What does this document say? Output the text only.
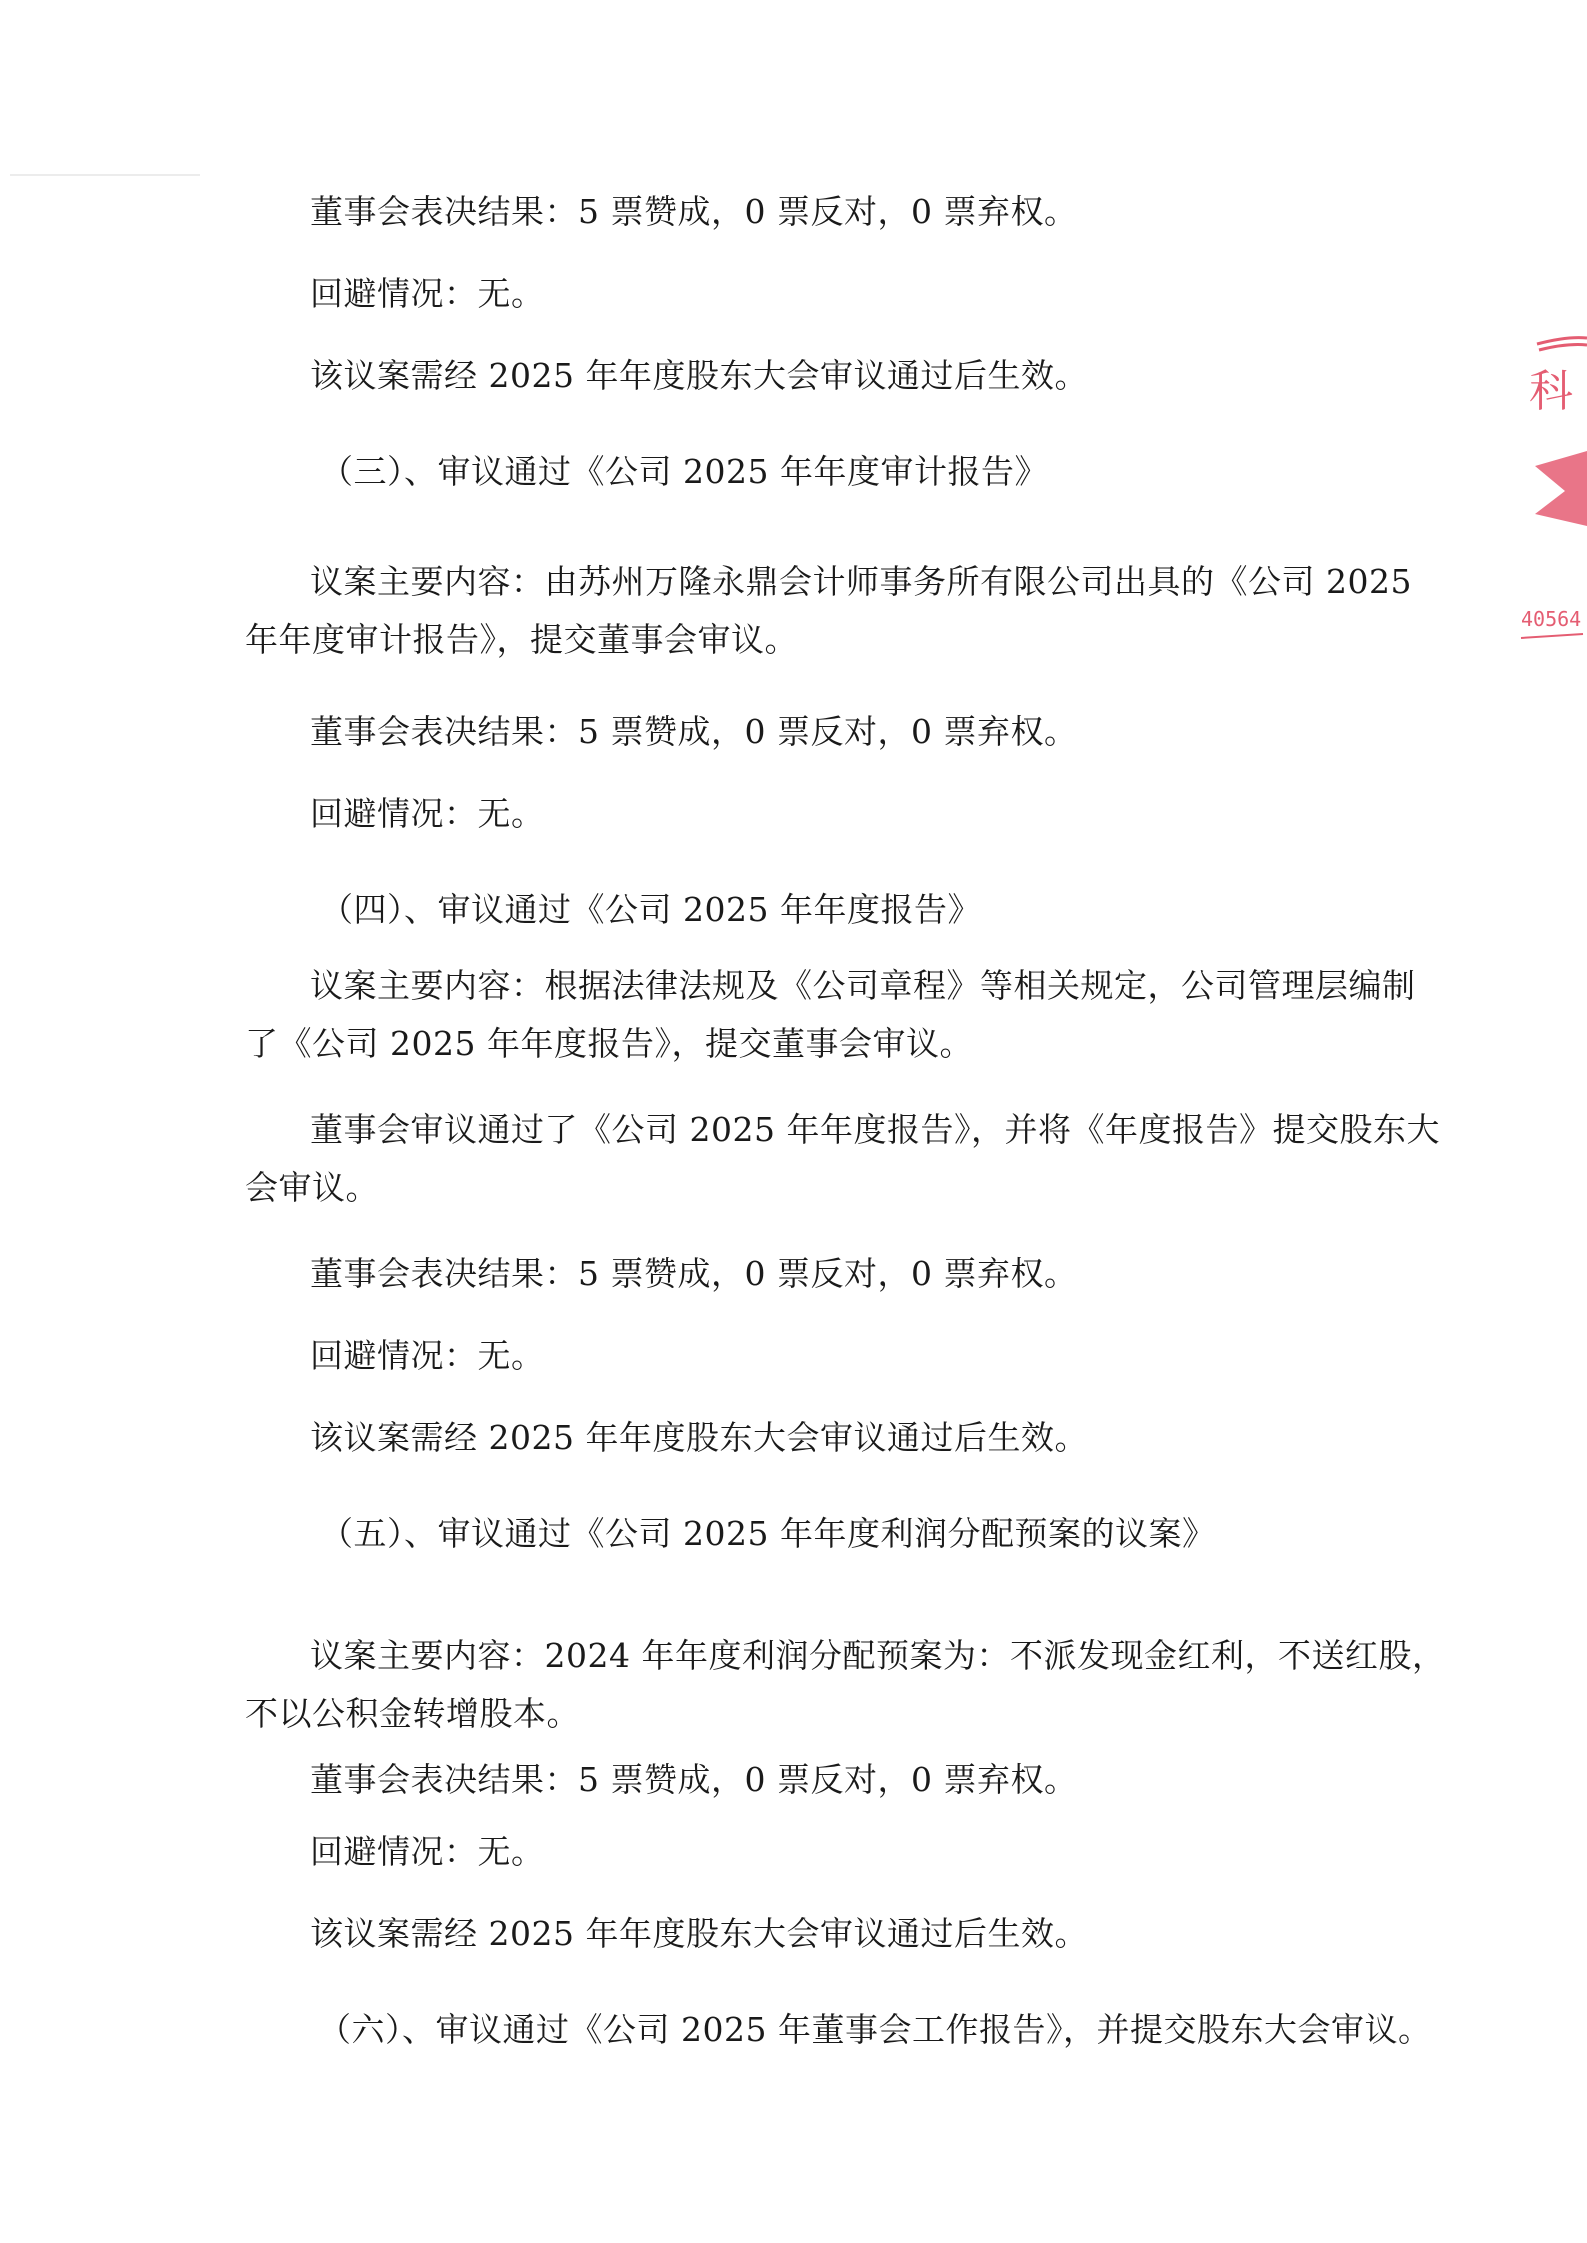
董事会表决结果：5 票赞成，0 票反对，0 票弃权。
回避情况：无。
该议案需经 2025 年年度股东大会审议通过后生效。
（三）、审议通过《公司 2025 年年度审计报告》
议案主要内容：由苏州万隆永鼎会计师事务所有限公司出具的《公司 2025
年年度审计报告》，提交董事会审议。
董事会表决结果：5 票赞成，0 票反对，0 票弃权。
回避情况：无。
（四）、审议通过《公司 2025 年年度报告》
议案主要内容：根据法律法规及《公司章程》等相关规定，公司管理层编制
了《公司 2025 年年度报告》，提交董事会审议。
董事会审议通过了《公司 2025 年年度报告》，并将《年度报告》提交股东大
会审议。
董事会表决结果：5 票赞成，0 票反对，0 票弃权。
回避情况：无。
该议案需经 2025 年年度股东大会审议通过后生效。
（五）、审议通过《公司 2025 年年度利润分配预案的议案》
议案主要内容：2024 年年度利润分配预案为：不派发现金红利，不送红股，
不以公积金转增股本。
董事会表决结果：5 票赞成，0 票反对，0 票弃权。
回避情况：无。
该议案需经 2025 年年度股东大会审议通过后生效。
（六）、审议通过《公司 2025 年董事会工作报告》，并提交股东大会审议。
科
40564
